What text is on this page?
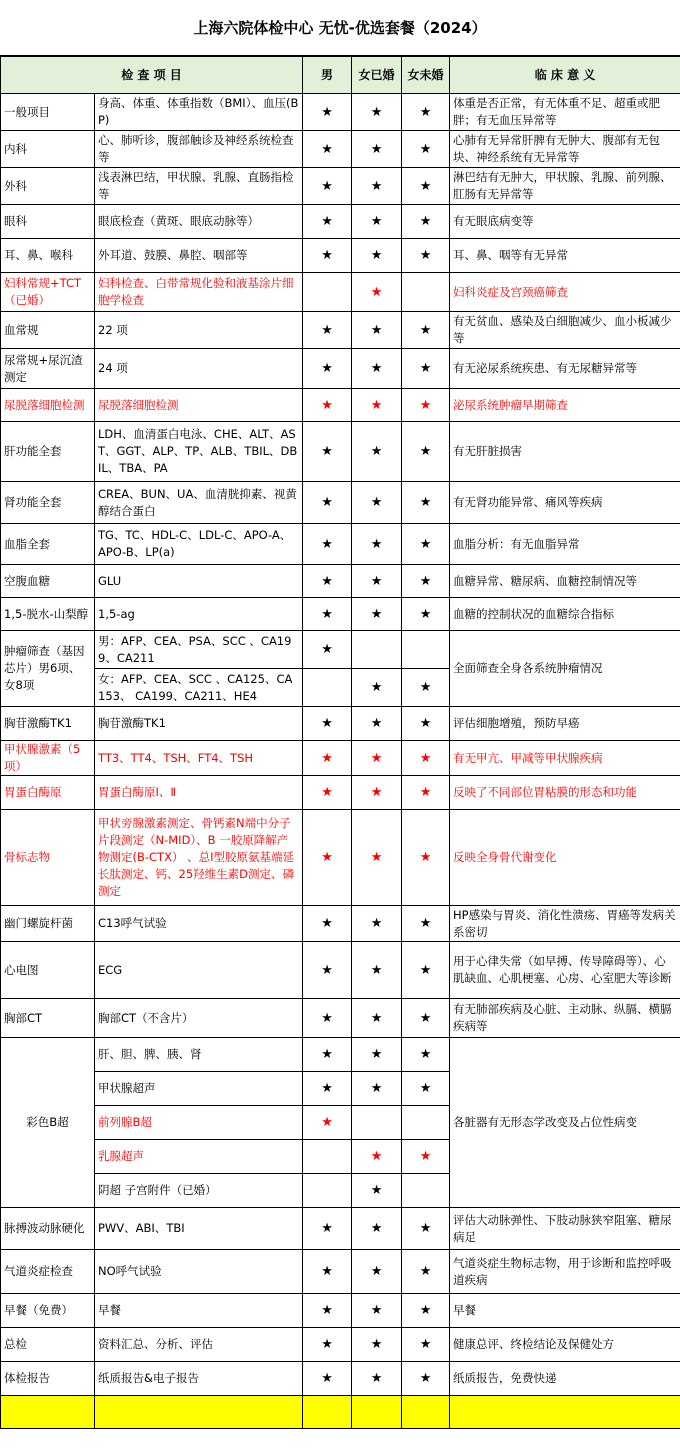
上海六院体检中心 无忧-优选套餐（2024）
检 查 项 目		男	女已婚	女未婚	临 床 意 义
一般项目	身高、体重、体重指数（BMI）、血压(BP)	★	★	★	体重是否正常，有无体重不足、超重或肥胖；有无血压异常等
内科	心、肺听诊，腹部触诊及神经系统检查等	★	★	★	心肺有无异常肝脾有无肿大、腹部有无包块、神经系统有无异常等
外科	浅表淋巴结，甲状腺、乳腺、直肠指检等	★	★	★	淋巴结有无肿大，甲状腺、乳腺、前列腺、肛肠有无异常等
眼科	眼底检查（黄斑、眼底动脉等）	★	★	★	有无眼底病变等
耳、鼻、喉科	外耳道、鼓膜、鼻腔、咽部等	★	★	★	耳、鼻、咽等有无异常
妇科常规+TCT（已婚）	妇科检查、白带常规化验和液基涂片细胞学检查		★		妇科炎症及宫颈癌筛查
血常规	22 项	★	★	★	有无贫血、感染及白细胞减少、血小板减少等
尿常规+尿沉渣测定	24 项	★	★	★	有无泌尿系统疾患、有无尿糖异常等
尿脱落细胞检测	尿脱落细胞检测	★	★	★	泌尿系统肿瘤早期筛查
肝功能全套	LDH、血清蛋白电泳、CHE、ALT、AST、GGT、ALP、TP、ALB、TBIL、DBIL、TBA、PA	★	★	★	有无肝脏损害
肾功能全套	CREA、BUN、UA、血清胱抑素、视黄醇结合蛋白	★	★	★	有无肾功能异常、痛风等疾病
血脂全套	TG、TC、HDL-C、LDL-C、APO-A、APO-B、LP(a)	★	★	★	血脂分析：有无血脂异常
空腹血糖	GLU	★	★	★	血糖异常、糖尿病、血糖控制情况等
1,5-脱水-山梨醇	1,5-ag	★	★	★	血糖的控制状况的血糖综合指标
肿瘤筛查（基因芯片）男6项、女8项	男：AFP、CEA、PSA、SCC 、CA199、CA211	★			全面筛查全身各系统肿瘤情况
	女：AFP、CEA、SCC 、CA125、CA153、 CA199、CA211、HE4		★	★	
胸苷激酶TK1	胸苷激酶TK1	★	★	★	评估细胞增殖，预防早癌
甲状腺激素（5项）	TT3、TT4、TSH、FT4、TSH	★	★	★	有无甲亢、甲减等甲状腺疾病
胃蛋白酶原	胃蛋白酶原Ⅰ、Ⅱ	★	★	★	反映了不同部位胃粘膜的形态和功能
骨标志物	甲状旁腺激素测定、骨钙素N端中分子片段测定（N-MID）、Β 一胶原降解产物测定(B-CTX） 、总Ⅰ型胶原氨基端延长肽测定、钙、25羟维生素D测定、磷测定	★	★	★	反映全身骨代谢变化
幽门螺旋杆菌	C13呼气试验	★	★	★	HP感染与胃炎、消化性溃疡、胃癌等发病关系密切
心电图	ECG	★	★	★	用于心律失常（如早搏、传导障碍等）、心肌缺血、心肌梗塞、心房、心室肥大等诊断
胸部CT	胸部CT（不含片）	★	★	★	有无肺部疾病及心脏、主动脉、纵膈、横膈疾病等
彩色B超	肝、胆、脾、胰、肾	★	★	★	各脏器有无形态学改变及占位性病变
	甲状腺超声	★	★	★	
	前列腺B超	★			
	乳腺超声		★	★	
	阴超 子宫附件（已婚）		★		
脉搏波动脉硬化	PWV、ABI、TBI	★	★	★	评估大动脉弹性、下肢动脉狭窄阻塞、糖尿病足
气道炎症检查	NO呼气试验	★	★	★	气道炎症生物标志物，用于诊断和监控呼吸道疾病
早餐（免费）	早餐	★	★	★	早餐
总检	资料汇总、分析、评估	★	★	★	健康总评、终检结论及保健处方
体检报告	纸质报告&电子报告	★	★	★	纸质报告，免费快递
